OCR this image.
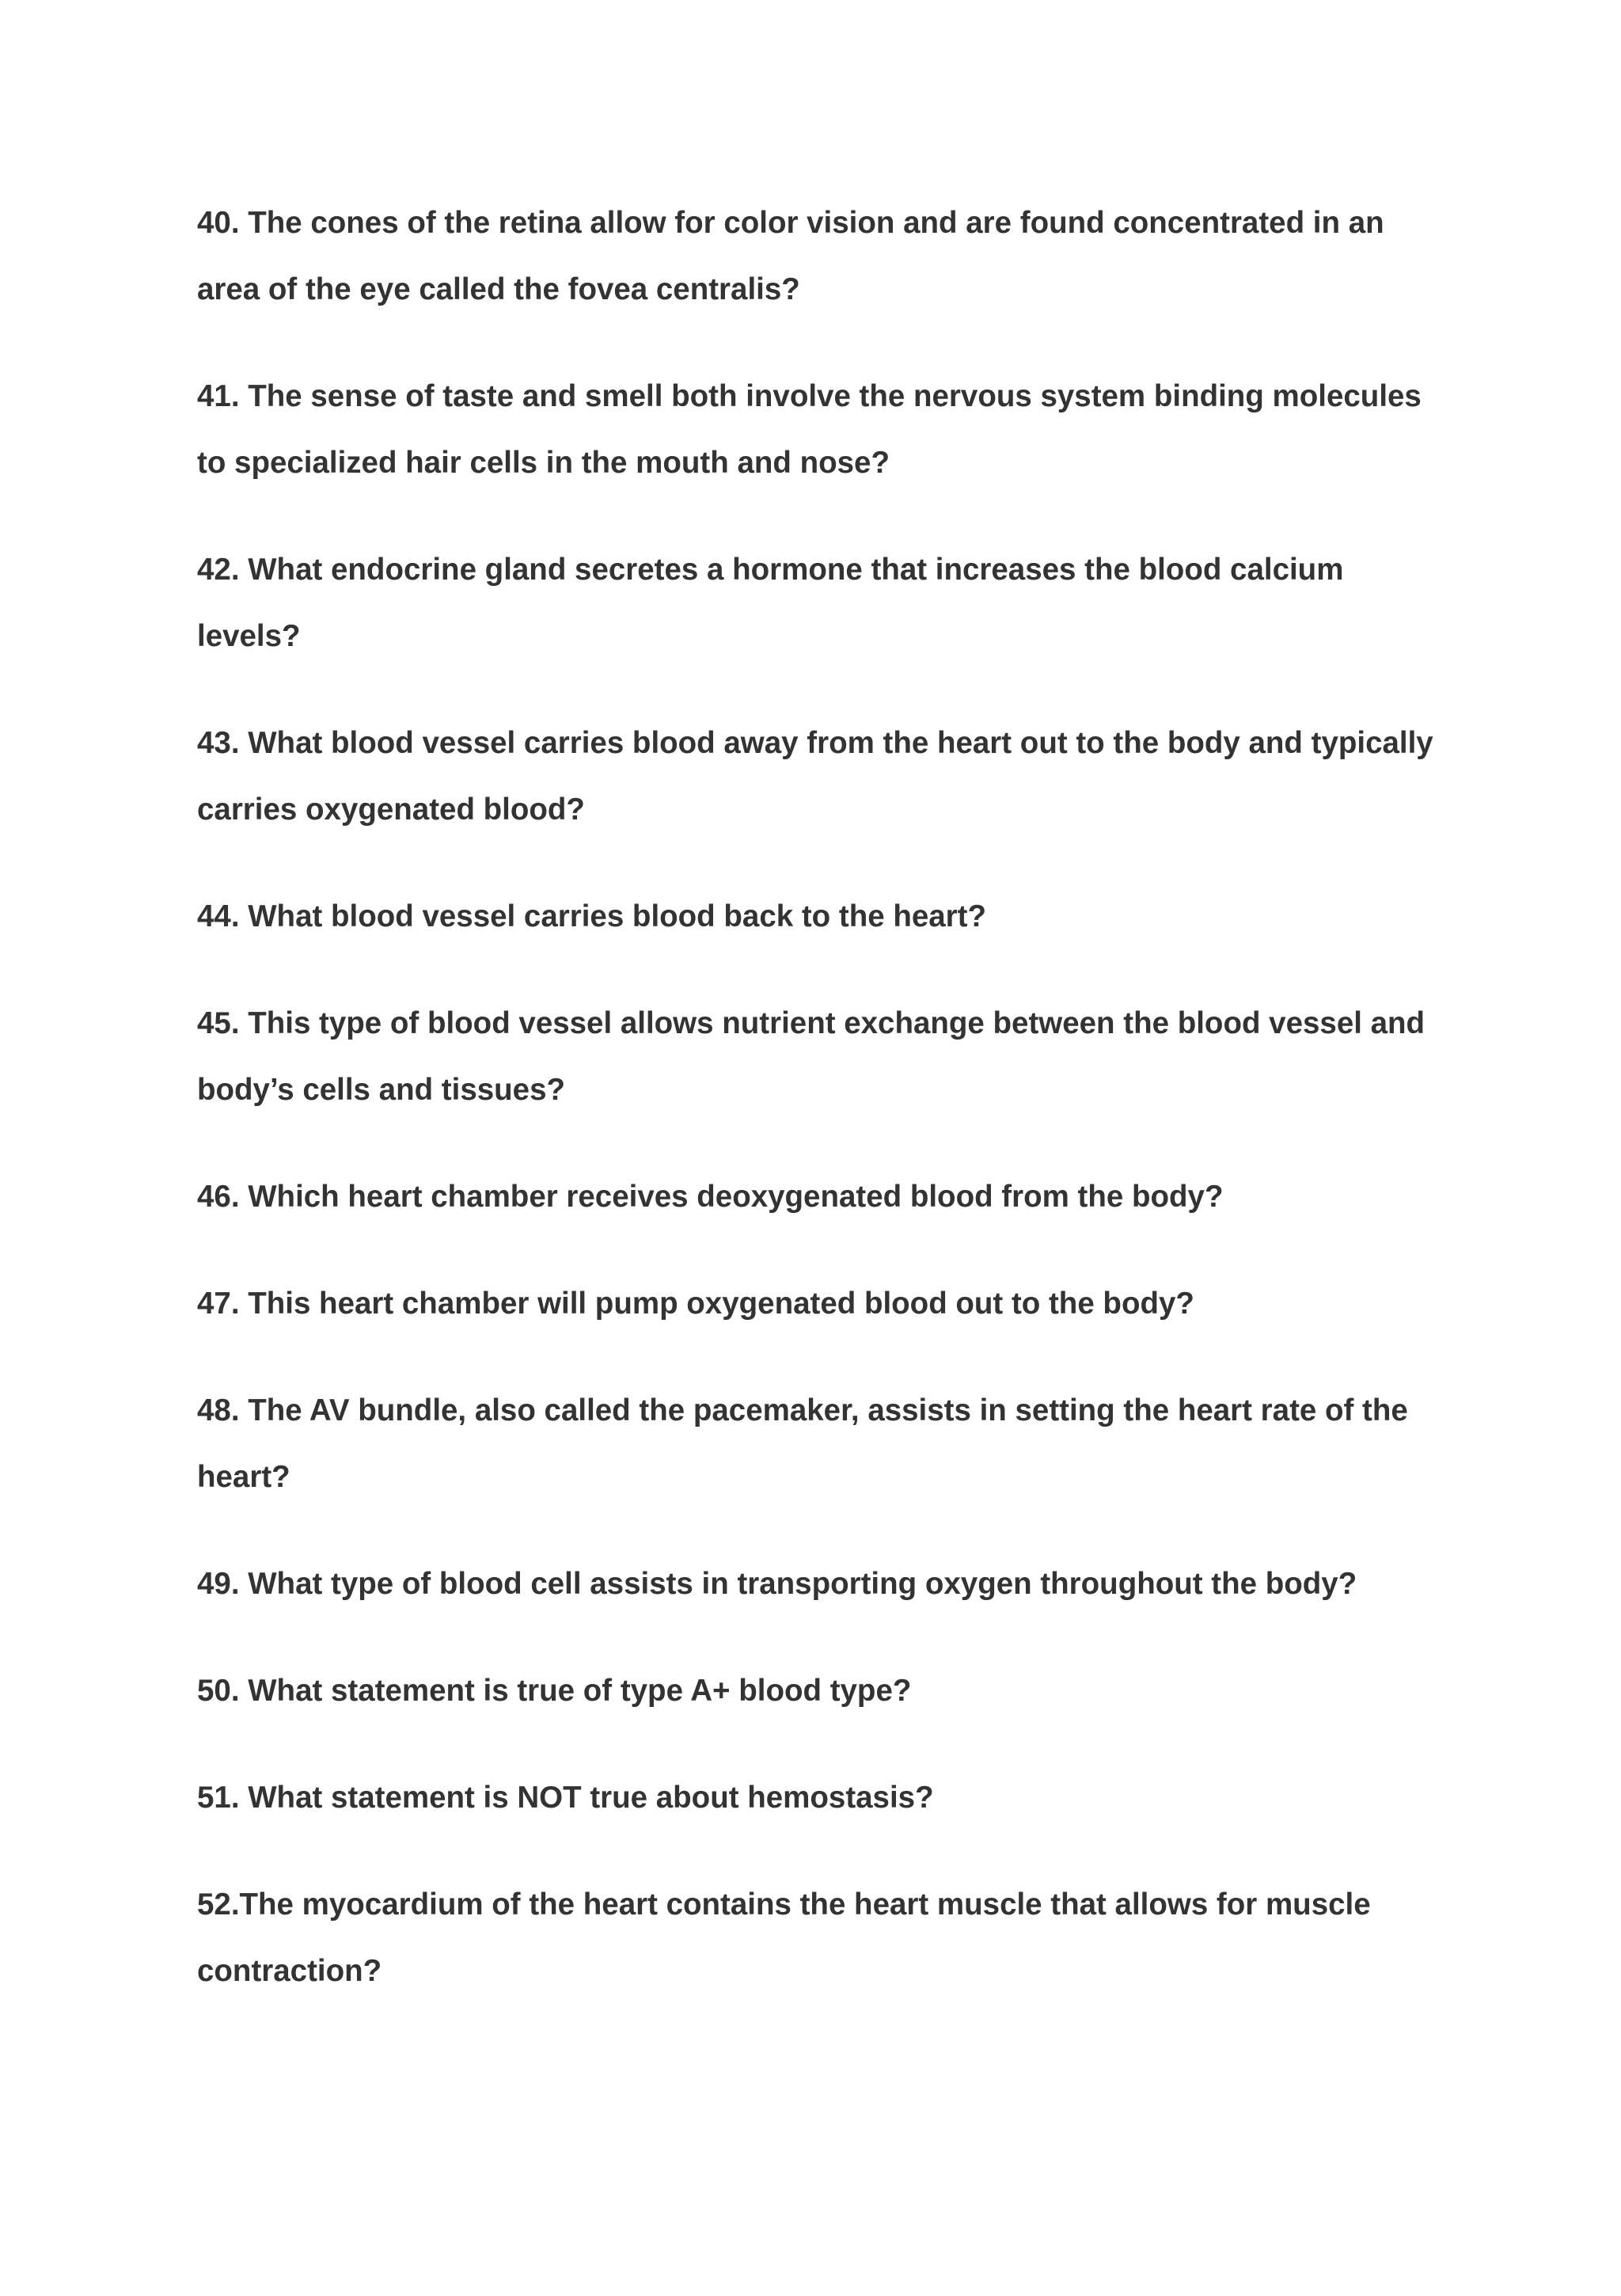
40. The cones of the retina allow for color vision and are found concentrated in an
area of the eye called the fovea centralis?
41. The sense of taste and smell both involve the nervous system binding molecules
to specialized hair cells in the mouth and nose?
42. What endocrine gland secretes a hormone that increases the blood calcium
levels?
43. What blood vessel carries blood away from the heart out to the body and typically
carries oxygenated blood?
44. What blood vessel carries blood back to the heart?
45. This type of blood vessel allows nutrient exchange between the blood vessel and
body’s cells and tissues?
46. Which heart chamber receives deoxygenated blood from the body?
47. This heart chamber will pump oxygenated blood out to the body?
48. The AV bundle, also called the pacemaker, assists in setting the heart rate of the
heart?
49. What type of blood cell assists in transporting oxygen throughout the body?
50. What statement is true of type A+ blood type?
51. What statement is NOT true about hemostasis?
52.The myocardium of the heart contains the heart muscle that allows for muscle
contraction?
